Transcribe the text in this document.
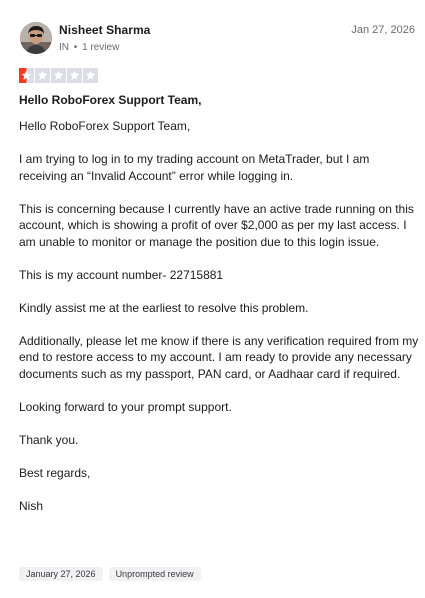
Nisheet Sharma
IN • 1 review
Jan 27, 2026
Hello RoboForex Support Team,

Hello RoboForex Support Team,

I am trying to log in to my trading account on MetaTrader, but I am receiving an “Invalid Account” error while logging in.

This is concerning because I currently have an active trade running on this account, which is showing a profit of over $2,000 as per my last access. I am unable to monitor or manage the position due to this login issue.

This is my account number- 22715881

Kindly assist me at the earliest to resolve this problem.

Additionally, please let me know if there is any verification required from my end to restore access to my account. I am ready to provide any necessary documents such as my passport, PAN card, or Aadhaar card if required.

Looking forward to your prompt support.

Thank you.

Best regards,

Nish

January 27, 2026	Unprompted review
